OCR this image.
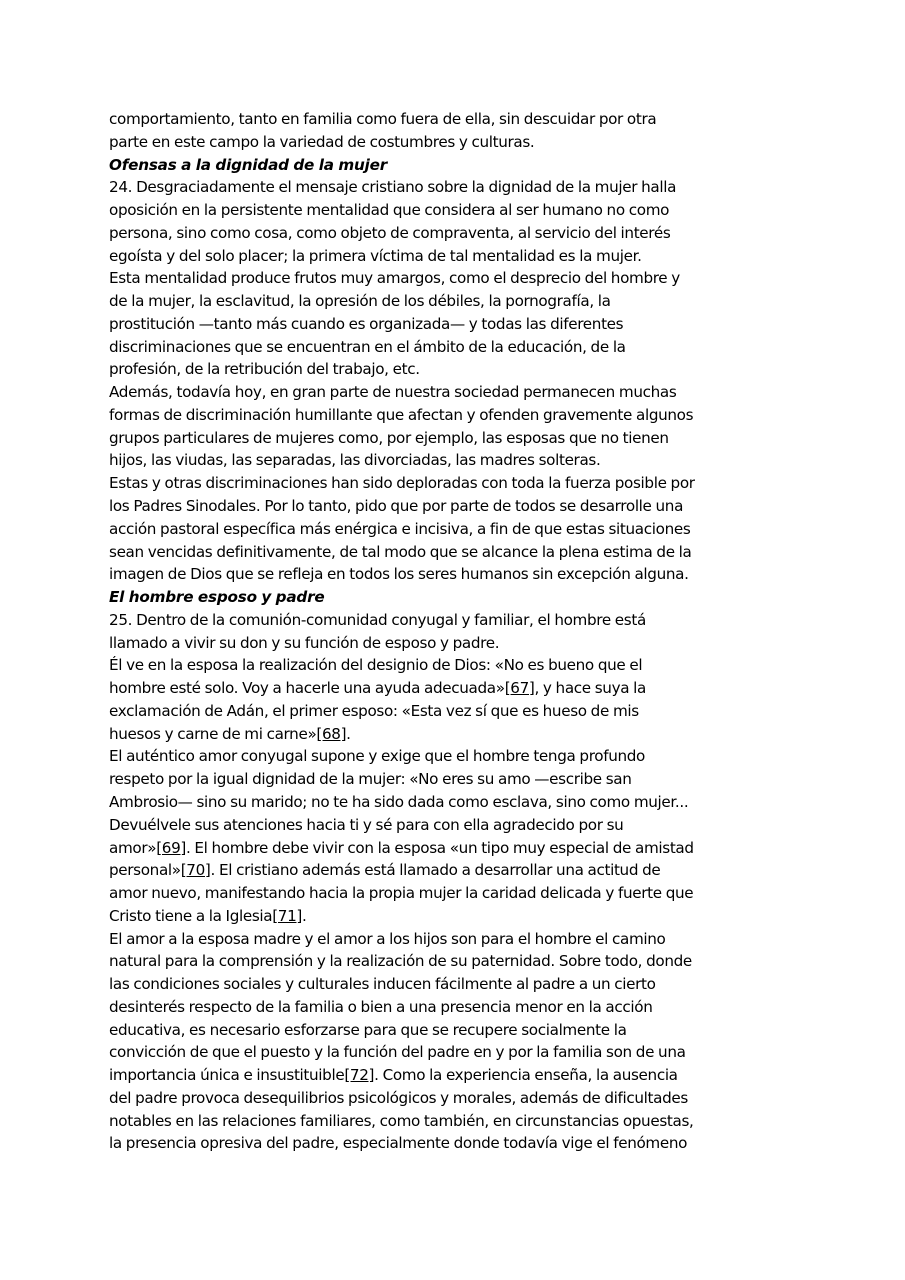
comportamiento, tanto en familia como fuera de ella, sin descuidar por otra
parte en este campo la variedad de costumbres y culturas.
Ofensas a la dignidad de la mujer
24. Desgraciadamente el mensaje cristiano sobre la dignidad de la mujer halla
oposición en la persistente mentalidad que considera al ser humano no como
persona, sino como cosa, como objeto de compraventa, al servicio del interés
egoísta y del solo placer; la primera víctima de tal mentalidad es la mujer.
Esta mentalidad produce frutos muy amargos, como el desprecio del hombre y
de la mujer, la esclavitud, la opresión de los débiles, la pornografía, la
prostitución —tanto más cuando es organizada— y todas las diferentes
discriminaciones que se encuentran en el ámbito de la educación, de la
profesión, de la retribución del trabajo, etc.
Además, todavía hoy, en gran parte de nuestra sociedad permanecen muchas
formas de discriminación humillante que afectan y ofenden gravemente algunos
grupos particulares de mujeres como, por ejemplo, las esposas que no tienen
hijos, las viudas, las separadas, las divorciadas, las madres solteras.
Estas y otras discriminaciones han sido deploradas con toda la fuerza posible por
los Padres Sinodales. Por lo tanto, pido que por parte de todos se desarrolle una
acción pastoral específica más enérgica e incisiva, a fin de que estas situaciones
sean vencidas definitivamente, de tal modo que se alcance la plena estima de la
imagen de Dios que se refleja en todos los seres humanos sin excepción alguna.
El hombre esposo y padre
25. Dentro de la comunión-comunidad conyugal y familiar, el hombre está
llamado a vivir su don y su función de esposo y padre.
Él ve en la esposa la realización del designio de Dios: «No es bueno que el
hombre esté solo. Voy a hacerle una ayuda adecuada»[67], y hace suya la
exclamación de Adán, el primer esposo: «Esta vez sí que es hueso de mis
huesos y carne de mi carne»[68].
El auténtico amor conyugal supone y exige que el hombre tenga profundo
respeto por la igual dignidad de la mujer: «No eres su amo —escribe san
Ambrosio— sino su marido; no te ha sido dada como esclava, sino como mujer...
Devuélvele sus atenciones hacia ti y sé para con ella agradecido por su
amor»[69]. El hombre debe vivir con la esposa «un tipo muy especial de amistad
personal»[70]. El cristiano además está llamado a desarrollar una actitud de
amor nuevo, manifestando hacia la propia mujer la caridad delicada y fuerte que
Cristo tiene a la Iglesia[71].
El amor a la esposa madre y el amor a los hijos son para el hombre el camino
natural para la comprensión y la realización de su paternidad. Sobre todo, donde
las condiciones sociales y culturales inducen fácilmente al padre a un cierto
desinterés respecto de la familia o bien a una presencia menor en la acción
educativa, es necesario esforzarse para que se recupere socialmente la
convicción de que el puesto y la función del padre en y por la familia son de una
importancia única e insustituible[72]. Como la experiencia enseña, la ausencia
del padre provoca desequilibrios psicológicos y morales, además de dificultades
notables en las relaciones familiares, como también, en circunstancias opuestas,
la presencia opresiva del padre, especialmente donde todavía vige el fenómeno
